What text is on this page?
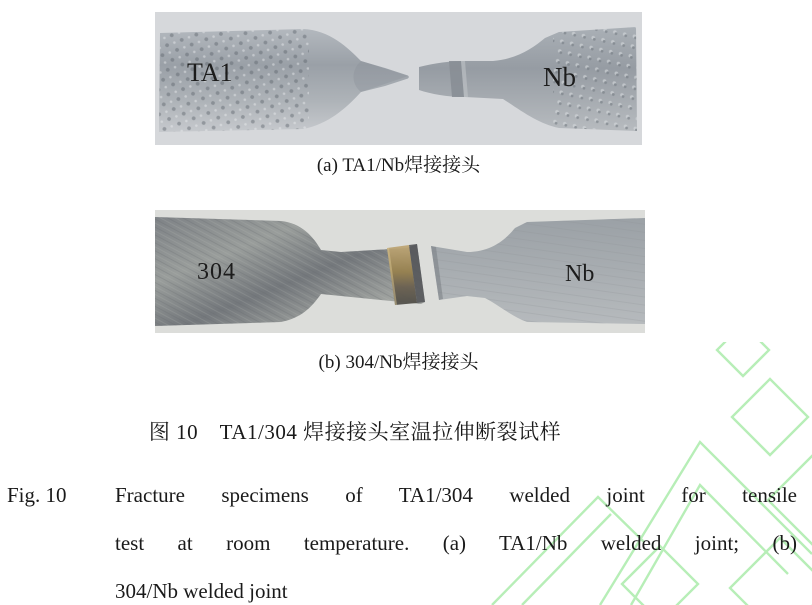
TA1	Nb
(a) TA1/Nb焊接接头
304	Nb
(b) 304/Nb焊接接头
图 10　TA1/304 焊接接头室温拉伸断裂试样
Fig. 10	Fracture specimens of TA1/304 welded joint for tensile
test at room temperature. (a) TA1/Nb welded joint; (b)
304/Nb welded joint
